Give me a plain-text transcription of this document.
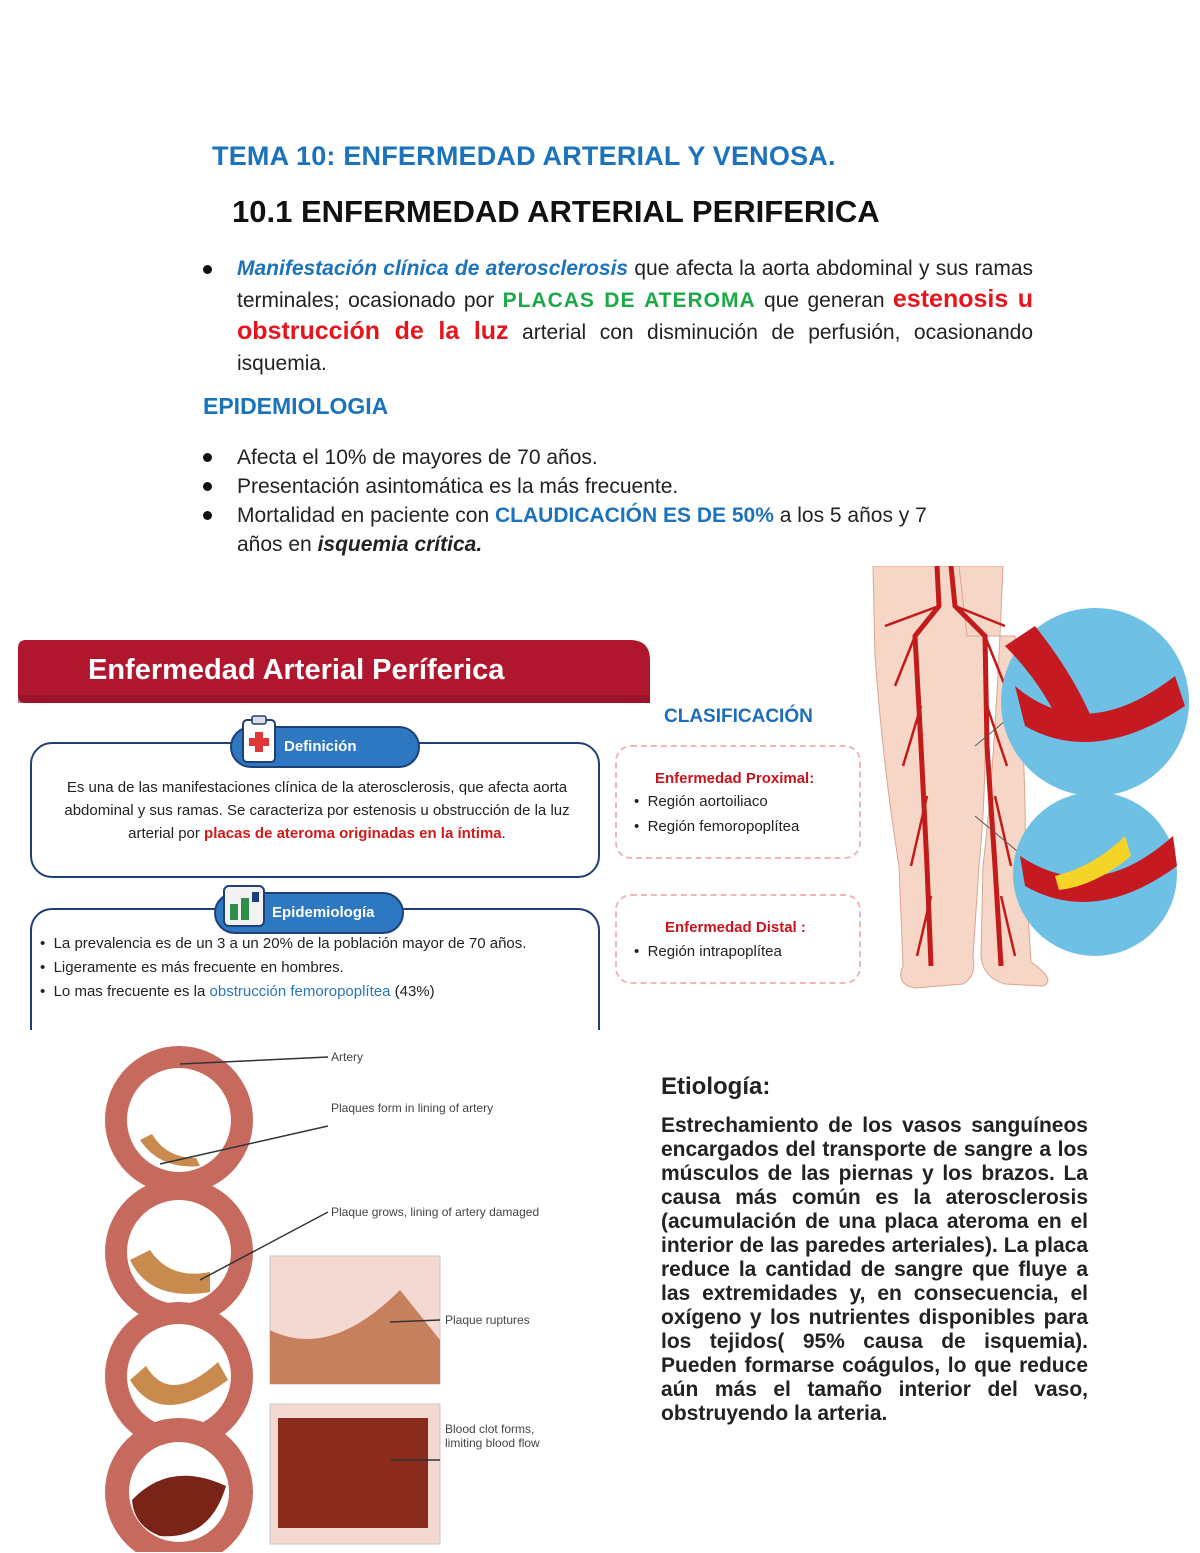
TEMA 10: ENFERMEDAD ARTERIAL Y VENOSA.
10.1 ENFERMEDAD ARTERIAL PERIFERICA
Manifestación clínica de aterosclerosis que afecta la aorta abdominal y sus ramas terminales; ocasionado por PLACAS DE ATEROMA que generan estenosis u obstrucción de la luz arterial con disminución de perfusión, ocasionando isquemia.
EPIDEMIOLOGIA
Afecta el 10% de mayores de 70 años.
Presentación asintomática es la más frecuente.
Mortalidad en paciente con CLAUDICACIÓN ES DE 50% a los 5 años y 7
años en isquemia crítica.
Enfermedad Arterial Períferica
Definición
Es una de las manifestaciones clínica de la aterosclerosis, que afecta aorta abdominal y sus ramas. Se caracteriza por estenosis u obstrucción de la luz arterial por placas de ateroma originadas en la íntima.
Epidemiología
•  La prevalencia es de un 3 a un 20% de la población mayor de 70 años.
•  Ligeramente es más frecuente en hombres.
•  Lo mas frecuente es la obstrucción femoropoplítea (43%)
CLASIFICACIÓN
Enfermedad Proximal:
•  Región aortoiliaco
•  Región femoropoplítea
Enfermedad Distal :
•  Región intrapoplítea
Artery
Plaques form in lining of artery
Plaque grows, lining of artery damaged
Plaque ruptures
Blood clot forms,
limiting blood flow
Etiología:
Estrechamiento de los vasos sanguíneos encargados del transporte de sangre a los músculos de las piernas y los brazos. La causa más común es la aterosclerosis (acumulación de una placa ateroma en el interior de las paredes arteriales). La placa reduce la cantidad de sangre que fluye a las extremidades y, en consecuencia, el oxígeno y los nutrientes disponibles para los tejidos( 95% causa de isquemia). Pueden formarse coágulos, lo que reduce aún más el tamaño interior del vaso, obstruyendo la arteria.
